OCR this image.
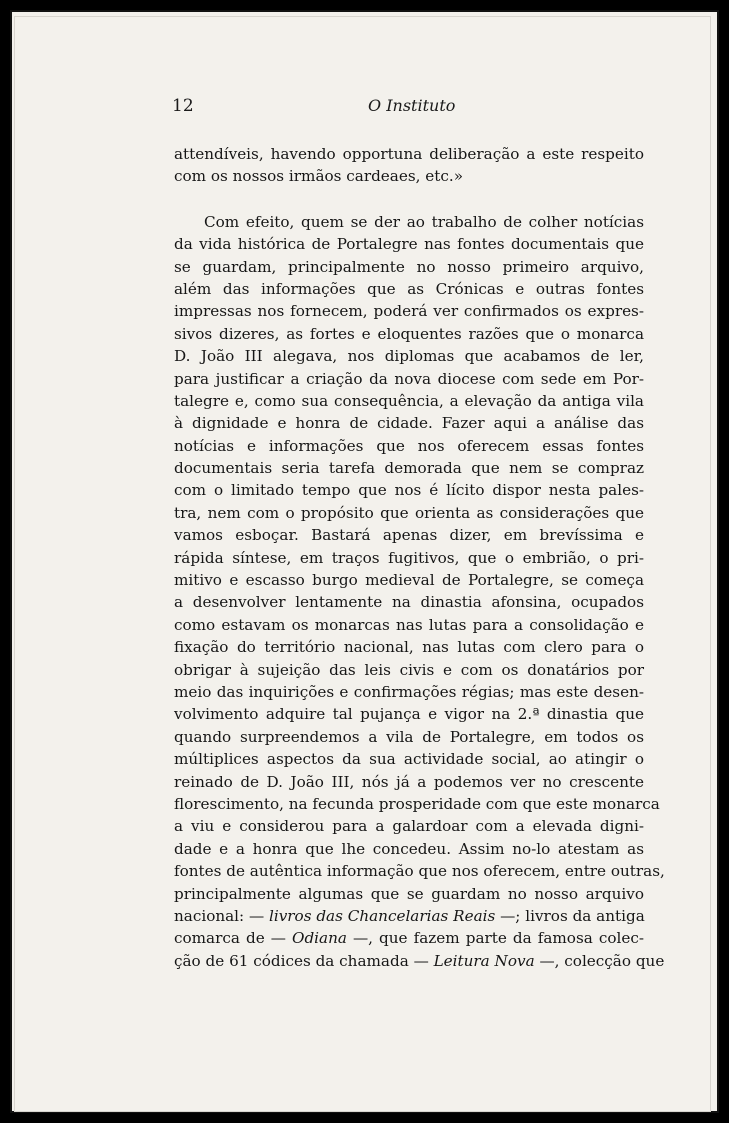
12	O Instituto
attendíveis, havendo opportuna deliberação a este respeito
com os nossos irmãos cardeaes, etc.»
Com efeito, quem se der ao trabalho de colher notícias
da vida histórica de Portalegre nas fontes documentais que
se guardam, principalmente no nosso primeiro arquivo,
além das informações que as Crónicas e outras fontes
impressas nos fornecem, poderá ver confirmados os expres-
sivos dizeres, as fortes e eloquentes razões que o monarca
D. João III alegava, nos diplomas que acabamos de ler,
para justificar a criação da nova diocese com sede em Por-
talegre e, como sua consequência, a elevação da antiga vila
à dignidade e honra de cidade. Fazer aqui a análise das
notícias e informações que nos oferecem essas fontes
documentais seria tarefa demorada que nem se compraz
com o limitado tempo que nos é lícito dispor nesta pales-
tra, nem com o propósito que orienta as considerações que
vamos esboçar. Bastará apenas dizer, em brevíssima e
rápida síntese, em traços fugitivos, que o embrião, o pri-
mitivo e escasso burgo medieval de Portalegre, se começa
a desenvolver lentamente na dinastia afonsina, ocupados
como estavam os monarcas nas lutas para a consolidação e
fixação do território nacional, nas lutas com clero para o
obrigar à sujeição das leis civis e com os donatários por
meio das inquirições e confirmações régias; mas este desen-
volvimento adquire tal pujança e vigor na 2.ª dinastia que
quando surpreendemos a vila de Portalegre, em todos os
múltiplices aspectos da sua actividade social, ao atingir o
reinado de D. João III, nós já a podemos ver no crescente
florescimento, na fecunda prosperidade com que este monarca
a viu e considerou para a galardoar com a elevada digni-
dade e a honra que lhe concedeu. Assim no-lo atestam as
fontes de autêntica informação que nos oferecem, entre outras,
principalmente algumas que se guardam no nosso arquivo
nacional: — livros das Chancelarias Reais —; livros da antiga
comarca de — Odiana —, que fazem parte da famosa colec-
ção de 61 códices da chamada — Leitura Nova —, colecção que
